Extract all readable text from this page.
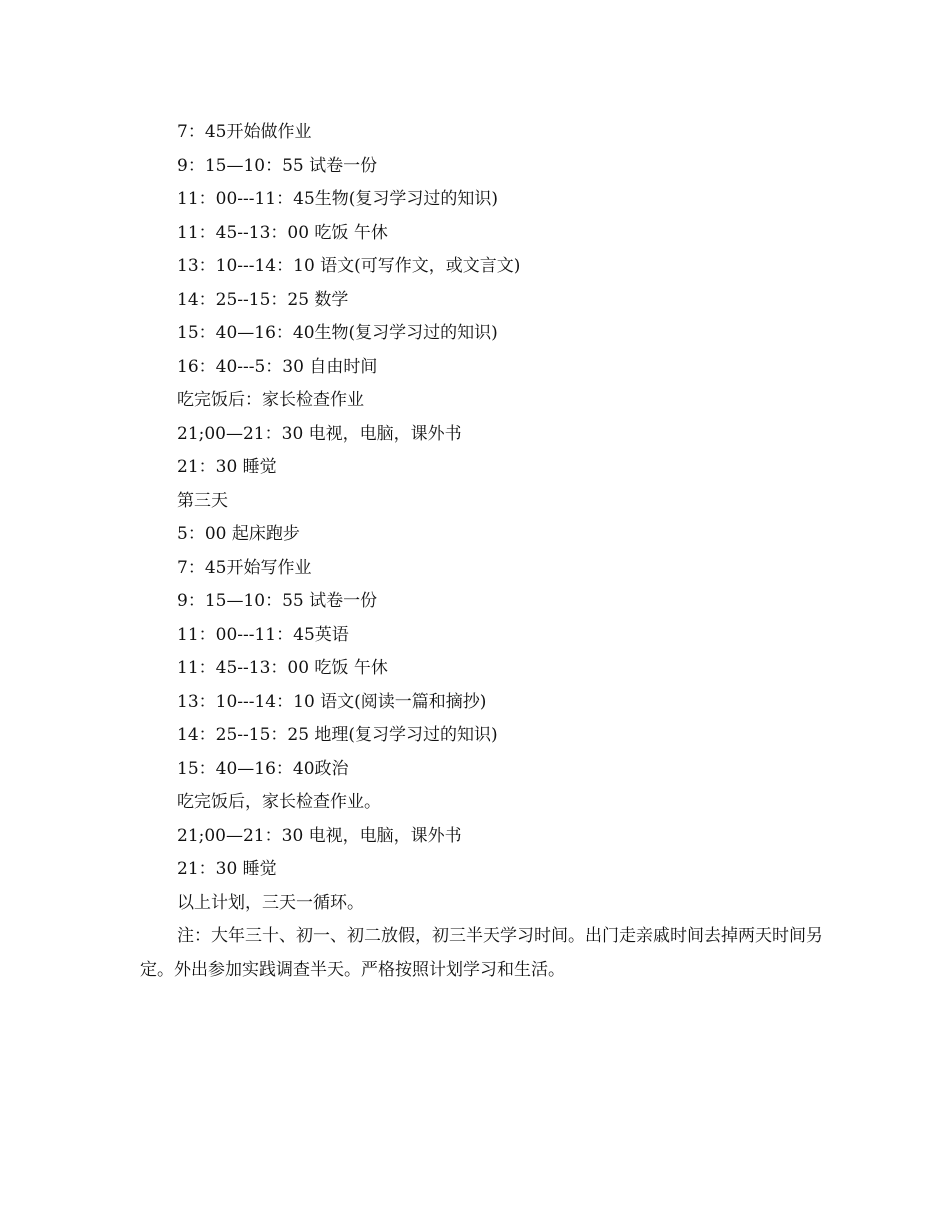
7：45开始做作业
9：15—10：55 试卷一份
11：00---11：45生物(复习学习过的知识)
11：45--13：00 吃饭 午休
13：10---14：10 语文(可写作文，或文言文)
14：25--15：25 数学
15：40—16：40生物(复习学习过的知识)
16：40---5：30 自由时间
吃完饭后：家长检查作业
21;00—21：30 电视，电脑，课外书
21：30 睡觉
第三天
5：00 起床跑步
7：45开始写作业
9：15—10：55 试卷一份
11：00---11：45英语
11：45--13：00 吃饭 午休
13：10---14：10 语文(阅读一篇和摘抄)
14：25--15：25 地理(复习学习过的知识)
15：40—16：40政治
吃完饭后，家长检查作业。
21;00—21：30 电视，电脑，课外书
21：30 睡觉
以上计划，三天一循环。
注：大年三十、初一、初二放假，初三半天学习时间。出门走亲戚时间去掉两天时间另定。外出参加实践调查半天。严格按照计划学习和生活。
